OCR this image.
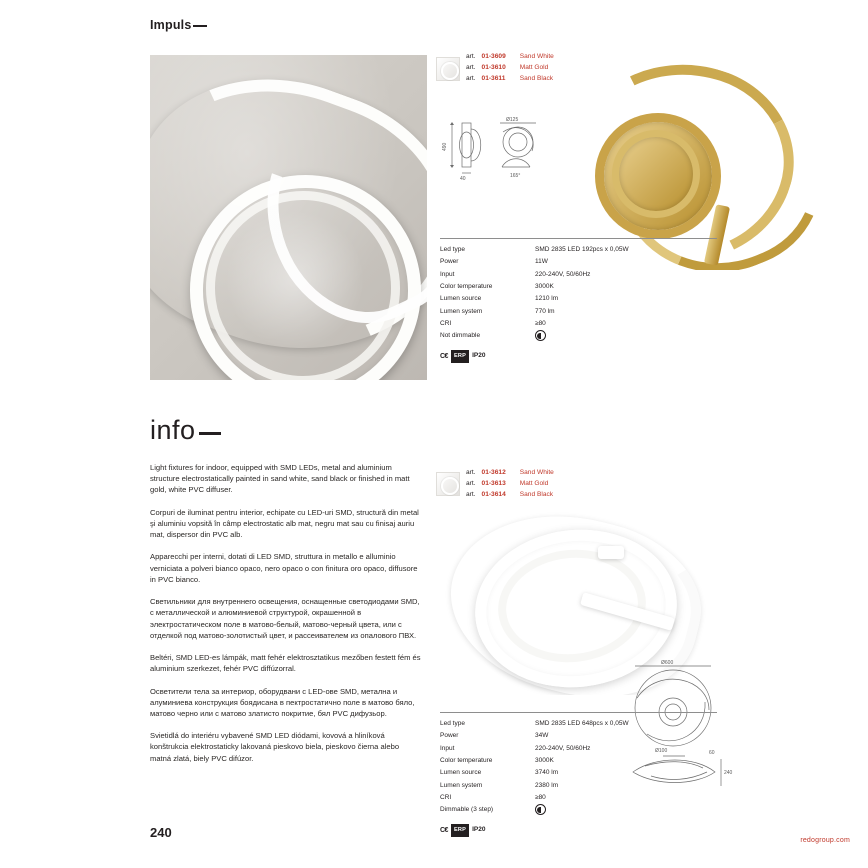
Impuls
info

Light fixtures for indoor, equipped with SMD LEDs, metal and aluminium structure electrostatically painted in sand white, sand black or finished in matt gold, white PVC diffuser.

Corpuri de iluminat pentru interior, echipate cu LED-uri SMD, structură din metal şi aluminiu vopsită în câmp electrostatic alb mat, negru mat sau cu finisaj auriu mat, dispersor din PVC alb.

Apparecchi per interni, dotati di LED SMD, struttura in metallo e alluminio verniciata a polveri bianco opaco, nero opaco o con finitura oro opaco, diffusore in PVC bianco.

Светильники для внутреннего освещения, оснащенные светодиодами SMD, с металлической и алюминиевой структурой, окрашенной в электростатическом поле в матово-белый, матово-черный цвета, или с отделкой под матово-золотистый цвет, и рассеивателем из опалового ПВХ.

Beltéri, SMD LED-es lámpák, matt fehér elektrosztatikus mezőben festett fém és aluminium szerkezet, fehér PVC diffúzorral.

Осветители тела за интериор, оборудвани с LED-ове SMD, метална и алуминиева конструкция боядисана в пектростатично поле в матово бяло, матово черно или с матово златисто покритие, бял PVC дифузьор.

Svietidlá do interiéru vybavené SMD LED diódami, kovová a hliníková konštrukcia elektrostaticky lakovaná pieskovo biela, pieskovo čierna alebo matná zlatá, biely PVC difúzor.

art.	01-3609	Sand White
art.	01-3610	Matt Gold
art.	01-3611	Sand Black
490
Ø125
40	165°
Led type	SMD 2835 LED 192pcs x 0,05W
Power	11W
Input	220-240V, 50/60Hz
Color temperature	3000K
Lumen source	1210 lm
Lumen system	770 lm
CRI	≥80
Not dimmable	
C€	ERP IP20
art.	01-3612	Sand White
art.	01-3613	Matt Gold
art.	01-3614	Sand Black
Ø600
Ø100	60
240
Led type	SMD 2835 LED 648pcs x 0,05W
Power	34W
Input	220-240V, 50/60Hz
Color temperature	3000K
Lumen source	3740 lm
Lumen system	2380 lm
CRI	≥80
Dimmable (3 step)	
C€	ERP IP20
240
redogroup.com
